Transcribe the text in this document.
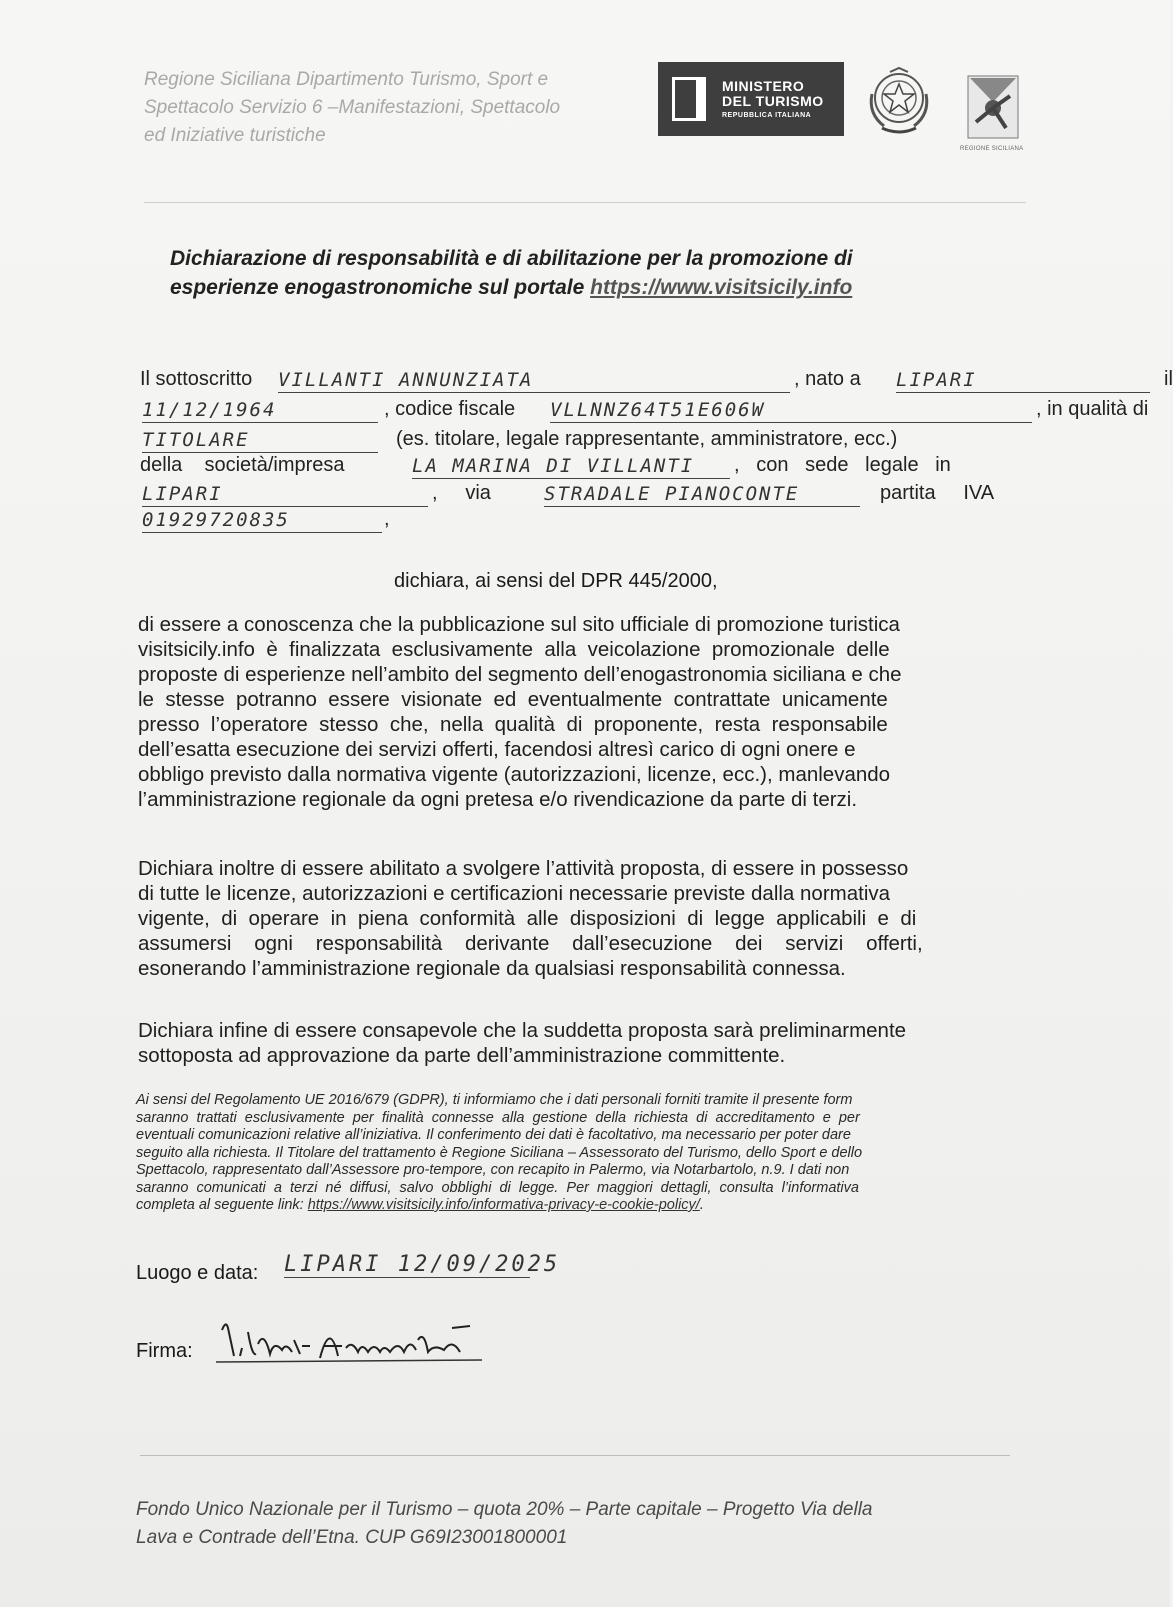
Regione Siciliana Dipartimento Turismo, Sport e
Spettacolo Servizio 6 –Manifestazioni, Spettacolo
ed Iniziative turistiche
MINISTERO
DEL TURISMO
REPUBBLICA ITALIANA
REGIONE SICILIANA
Dichiarazione di responsabilità e di abilitazione per la promozione di
esperienze enogastronomiche sul portale https://www.visitsicily.info
Il sottoscritto VILLANTI ANNUNZIATA	, nato a LIPARI	il
11/12/1964	, codice fiscale VLLNNZ64T51E606W	, in qualità di
TITOLARE	(es. titolare, legale rappresentante, amministratore, ecc.)
della    società/impresa	LA MARINA DI VILLANTI	,   con   sede   legale   in
LIPARI	,     via	STRADALE PIANOCONTE	partita     IVA
01929720835	,
dichiara, ai sensi del DPR 445/2000,
di essere a conoscenza che la pubblicazione sul sito ufficiale di promozione turistica
visitsicily.info  è  finalizzata  esclusivamente  alla  veicolazione  promozionale  delle
proposte di esperienze nell’ambito del segmento dell’enogastronomia siciliana e che
le  stesse  potranno  essere  visionate  ed  eventualmente  contrattate  unicamente
presso  l’operatore  stesso  che,  nella  qualità  di  proponente,  resta  responsabile
dell’esatta esecuzione dei servizi offerti, facendosi altresì carico di ogni onere e
obbligo previsto dalla normativa vigente (autorizzazioni, licenze, ecc.), manlevando
l’amministrazione regionale da ogni pretesa e/o rivendicazione da parte di terzi.
Dichiara inoltre di essere abilitato a svolgere l’attività proposta, di essere in possesso
di tutte le licenze, autorizzazioni e certificazioni necessarie previste dalla normativa
vigente,  di  operare  in  piena  conformità  alle  disposizioni  di  legge  applicabili  e  di
assumersi    ogni    responsabilità    derivante    dall’esecuzione    dei    servizi    offerti,
esonerando l’amministrazione regionale da qualsiasi responsabilità connessa.
Dichiara infine di essere consapevole che la suddetta proposta sarà preliminarmente
sottoposta ad approvazione da parte dell’amministrazione committente.
Ai sensi del Regolamento UE 2016/679 (GDPR), ti informiamo che i dati personali forniti tramite il presente form
saranno  trattati  esclusivamente  per  finalità  connesse  alla  gestione  della  richiesta  di  accreditamento  e  per
eventuali comunicazioni relative all’iniziativa. Il conferimento dei dati è facoltativo, ma necessario per poter dare
seguito alla richiesta. Il Titolare del trattamento è Regione Siciliana – Assessorato del Turismo, dello Sport e dello
Spettacolo, rappresentato dall’Assessore pro-tempore, con recapito in Palermo, via Notarbartolo, n.9. I dati non
saranno  comunicati  a  terzi  né  diffusi,  salvo  obblighi  di  legge.  Per  maggiori  dettagli,  consulta  l’informativa
completa al seguente link: https://www.visitsicily.info/informativa-privacy-e-cookie-policy/.
Luogo e data: LIPARI 12/09/2025
Firma:
Fondo Unico Nazionale per il Turismo – quota 20% – Parte capitale – Progetto Via della
Lava e Contrade dell’Etna. CUP G69I23001800001
